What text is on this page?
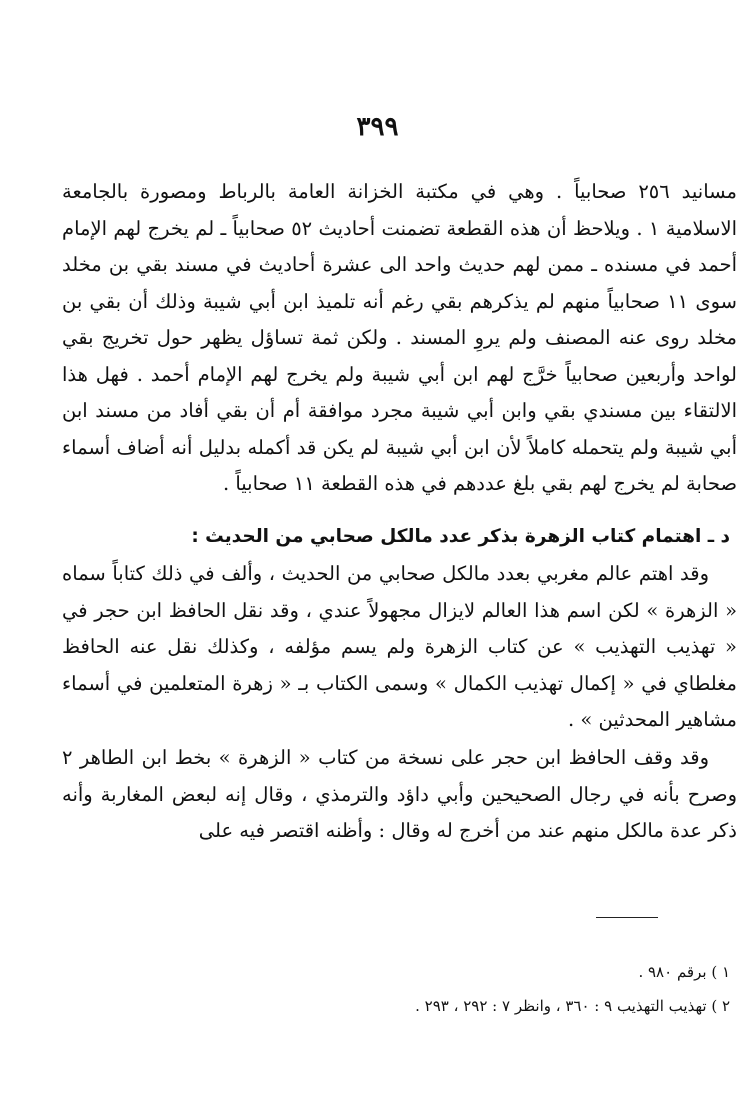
٣٩٩

مسانيد ٢٥٦ صحابياً . وهي في مكتبة الخزانة العامة بالرباط ومصورة بالجامعة الاسلامية ١ . ويلاحظ أن هذه القطعة تضمنت أحاديث ٥٢ صحابياً ـ لم يخرج لهم الإمام أحمد في مسنده ـ ممن لهم حديث واحد الى عشرة أحاديث في مسند بقي بن مخلد سوى ١١ صحابياً منهم لم يذكرهم بقي رغم أنه تلميذ ابن أبي شيبة وذلك أن بقي بن مخلد روى عنه المصنف ولم يروِ المسند . ولكن ثمة تساؤل يظهر حول تخريج بقي لواحد وأربعين صحابياً خرَّج لهم ابن أبي شيبة ولم يخرج لهم الإمام أحمد . فهل هذا الالتقاء بين مسندي بقي وابن أبي شيبة مجرد موافقة أم أن بقي أفاد من مسند ابن أبي شيبة ولم يتحمله كاملاً لأن ابن أبي شيبة لم يكن قد أكمله بدليل أنه أضاف أسماء صحابة لم يخرج لهم بقي بلغ عددهم في هذه القطعة ١١ صحابياً .

د ـ اهتمام كتاب الزهرة بذكر عدد مالكل صحابي من الحديث :

وقد اهتم عالم مغربي بعدد مالكل صحابي من الحديث ، وألف في ذلك كتاباً سماه « الزهرة » لكن اسم هذا العالم لايزال مجهولاً عندي ، وقد نقل الحافظ ابن حجر في « تهذيب التهذيب » عن كتاب الزهرة ولم يسم مؤلفه ، وكذلك نقل عنه الحافظ مغلطاي في « إكمال تهذيب الكمال » وسمى الكتاب بـ « زهرة المتعلمين في أسماء مشاهير المحدثين » .

وقد وقف الحافظ ابن حجر على نسخة من كتاب « الزهرة » بخط ابن الطاهر ٢ وصرح بأنه في رجال الصحيحين وأبي داؤد والترمذي ، وقال إنه لبعض المغاربة وأنه ذكر عدة مالكل منهم عند من أخرج له وقال : وأظنه اقتصر فيه على

١ ) برقم ٩٨٠ .
٢ ) تهذيب التهذيب ٩ : ٣٦٠ ، وانظر ٧ : ٢٩٢ ، ٢٩٣ .
